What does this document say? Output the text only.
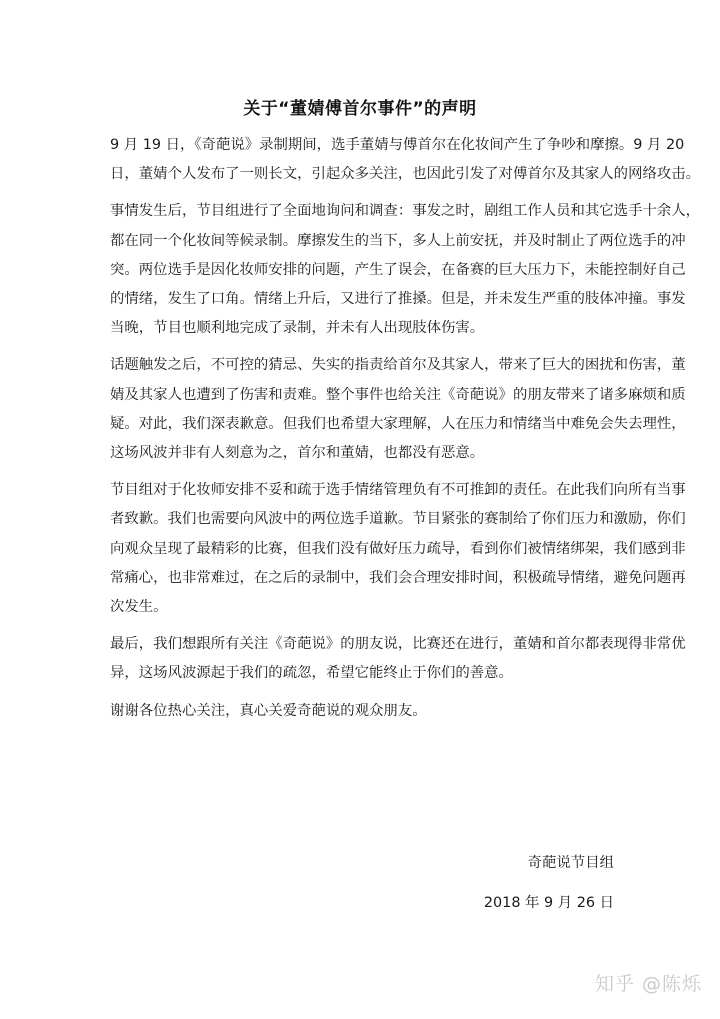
关于“董婧傅首尔事件”的声明

9 月 19 日，《奇葩说》录制期间，选手董婧与傅首尔在化妆间产生了争吵和摩擦。9 月 20
日，董婧个人发布了一则长文，引起众多关注，也因此引发了对傅首尔及其家人的网络攻击。

事情发生后，节目组进行了全面地询问和调查：事发之时，剧组工作人员和其它选手十余人，
都在同一个化妆间等候录制。摩擦发生的当下，多人上前安抚，并及时制止了两位选手的冲
突。两位选手是因化妆师安排的问题，产生了误会，在备赛的巨大压力下，未能控制好自己
的情绪，发生了口角。情绪上升后，又进行了推搡。但是，并未发生严重的肢体冲撞。事发
当晚，节目也顺利地完成了录制，并未有人出现肢体伤害。

话题触发之后，不可控的猜忌、失实的指责给首尔及其家人，带来了巨大的困扰和伤害，董
婧及其家人也遭到了伤害和责难。整个事件也给关注《奇葩说》的朋友带来了诸多麻烦和质
疑。对此，我们深表歉意。但我们也希望大家理解，人在压力和情绪当中难免会失去理性，
这场风波并非有人刻意为之，首尔和董婧，也都没有恶意。

节目组对于化妆师安排不妥和疏于选手情绪管理负有不可推卸的责任。在此我们向所有当事
者致歉。我们也需要向风波中的两位选手道歉。节目紧张的赛制给了你们压力和激励，你们
向观众呈现了最精彩的比赛，但我们没有做好压力疏导，看到你们被情绪绑架，我们感到非
常痛心，也非常难过，在之后的录制中，我们会合理安排时间，积极疏导情绪，避免问题再
次发生。

最后，我们想跟所有关注《奇葩说》的朋友说，比赛还在进行，董婧和首尔都表现得非常优
异，这场风波源起于我们的疏忽，希望它能终止于你们的善意。

谢谢各位热心关注，真心关爱奇葩说的观众朋友。

奇葩说节目组
2018 年 9 月 26 日
知乎 @陈烁
